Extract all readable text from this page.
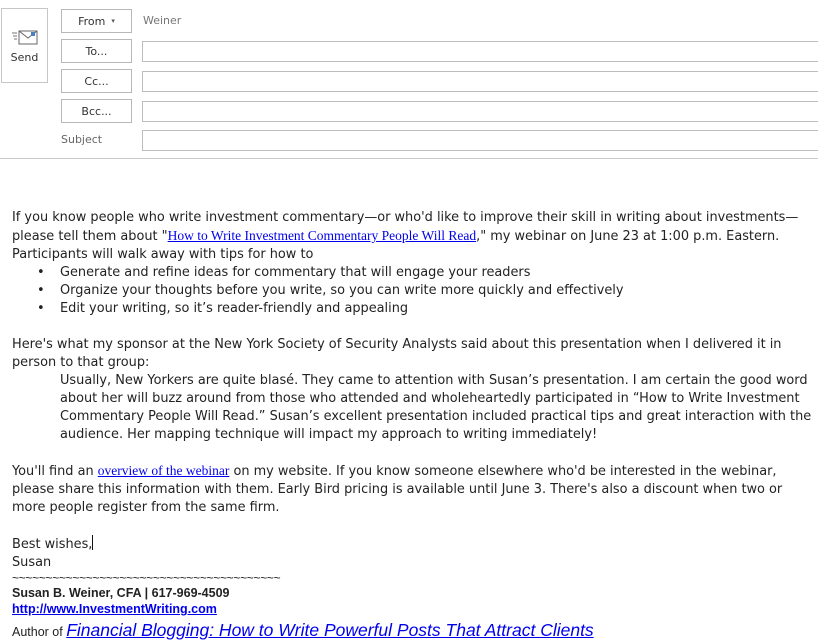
Send
From ▾	Weiner
To...
Cc...
Bcc...
Subject

If you know people who write investment commentary—or who'd like to improve their skill in writing about investments—please tell them about "How to Write Investment Commentary People Will Read," my webinar on June 23 at 1:00 p.m. Eastern. Participants will walk away with tips for how to

• Generate and refine ideas for commentary that will engage your readers
• Organize your thoughts before you write, so you can write more quickly and effectively
• Edit your writing, so it’s reader-friendly and appealing

Here's what my sponsor at the New York Society of Security Analysts said about this presentation when I delivered it in person to that group:

Usually, New Yorkers are quite blasé. They came to attention with Susan’s presentation. I am certain the good word about her will buzz around from those who attended and wholeheartedly participated in “How to Write Investment Commentary People Will Read.” Susan’s excellent presentation included practical tips and great interaction with the audience. Her mapping technique will impact my approach to writing immediately!

You'll find an overview of the webinar on my website. If you know someone elsewhere who'd be interested in the webinar, please share this information with them. Early Bird pricing is available until June 3. There's also a discount when two or more people register from the same firm.

Best wishes,

Susan

~~~~~~~~~~~~~~~~~~~~~~~~~~~~~~~~~~~~~~~~
Susan B. Weiner, CFA | 617-969-4509
http://www.InvestmentWriting.com
Author of Financial Blogging: How to Write Powerful Posts That Attract Clients
